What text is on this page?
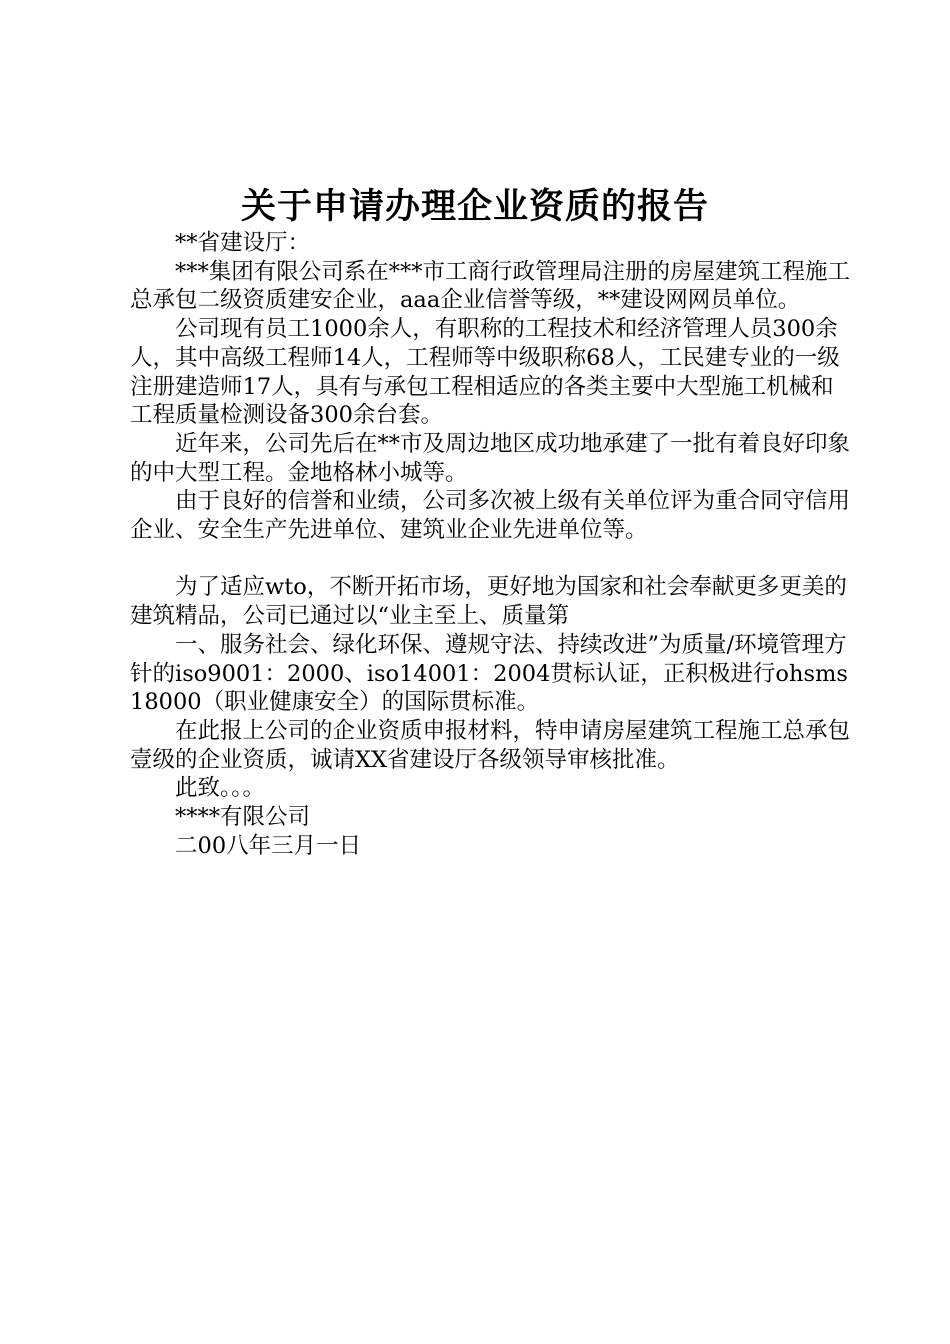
关于申请办理企业资质的报告

**省建设厅：

***集团有限公司系在***市工商行政管理局注册的房屋建筑工程施工总承包二级资质建安企业，aaa企业信誉等级，**建设网网员单位。

公司现有员工1000余人，有职称的工程技术和经济管理人员300余人，其中高级工程师14人，工程师等中级职称68人，工民建专业的一级注册建造师17人，具有与承包工程相适应的各类主要中大型施工机械和工程质量检测设备300余台套。

近年来，公司先后在**市及周边地区成功地承建了一批有着良好印象的中大型工程。金地格林小城等。

由于良好的信誉和业绩，公司多次被上级有关单位评为重合同守信用企业、安全生产先进单位、建筑业企业先进单位等。

为了适应wto，不断开拓市场，更好地为国家和社会奉献更多更美的建筑精品，公司已通过以“业主至上、质量第

一、服务社会、绿化环保、遵规守法、持续改进”为质量/环境管理方针的iso9001：2000、iso14001：2004贯标认证，正积极进行ohsms18000（职业健康安全）的国际贯标准。

在此报上公司的企业资质申报材料，特申请房屋建筑工程施工总承包壹级的企业资质，诚请XX省建设厅各级领导审核批准。

此致。。。

****有限公司

二00八年三月一日
